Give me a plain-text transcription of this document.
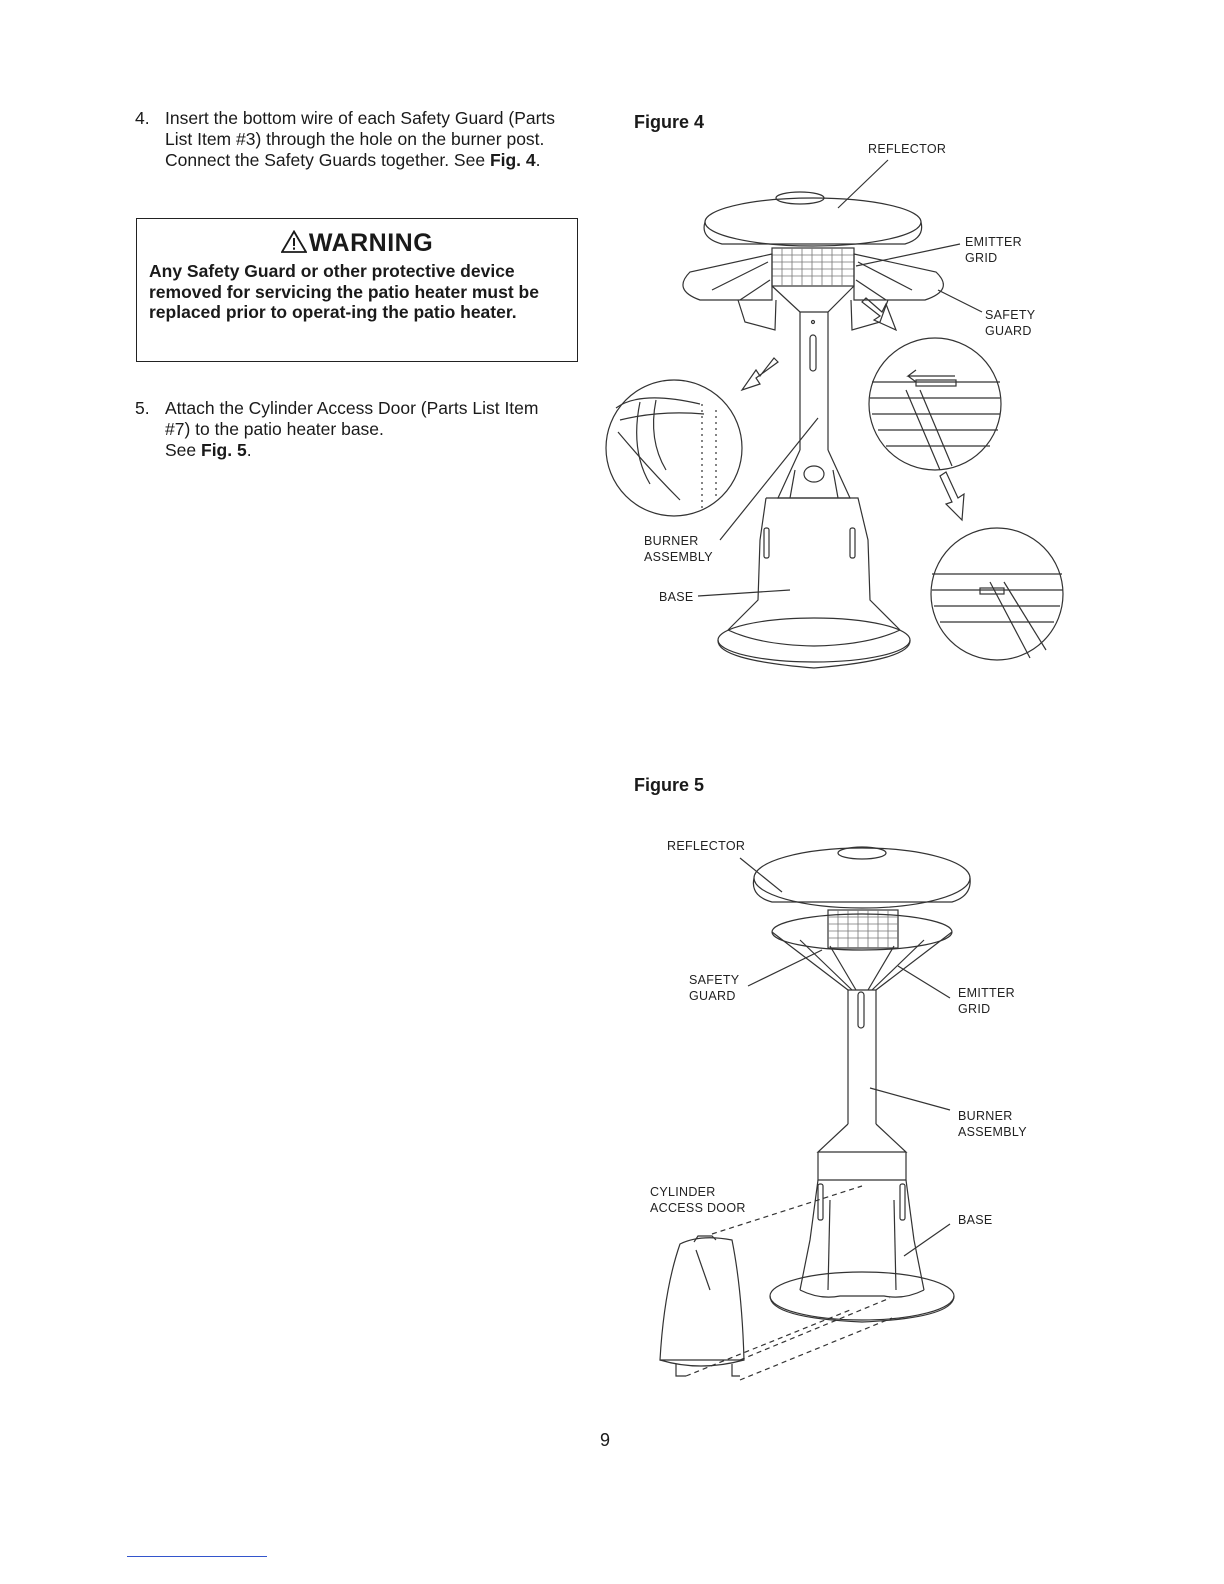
4. Insert the bottom wire of each Safety Guard (Parts List Item #3) through the hole on the burner post. Connect the Safety Guards together. See Fig. 4.
WARNING
Any Safety Guard or other protective device removed for servicing the patio heater must be replaced prior to operat-ing the patio heater.
5. Attach the Cylinder Access Door (Parts List Item #7) to the patio heater base.
See Fig. 5.
Figure 4
Figure 5
REFLECTOR
EMITTER
GRID
SAFETY
GUARD
BURNER
ASSEMBLY
BASE
REFLECTOR
SAFETY
GUARD	EMITTER
GRID
BURNER
ASSEMBLY
CYLINDER
ACCESS DOOR
BASE
9
